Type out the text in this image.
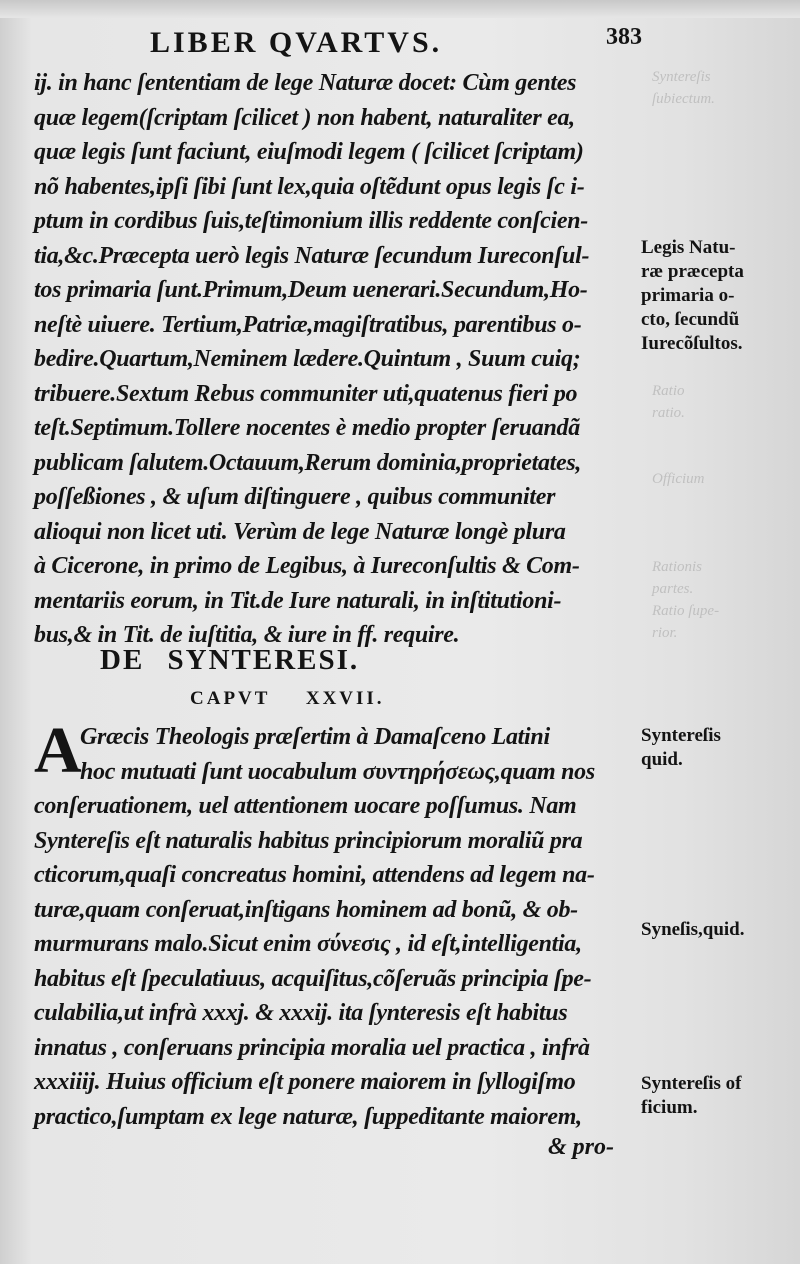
Syntereſis
ſubiectum.
Ratio
ratio.
Officium
Rationis
partes.
Ratio ſupe-
rior.
LIBER QVARTVS.	383
ij. in hanc ſententiam de lege Naturæ docet: Cùm gentes
quæ legem(ſcriptam ſcilicet ) non habent, naturaliter ea,
quæ legis ſunt faciunt, eiuſmodi legem ( ſcilicet ſcriptam)
nõ habentes,ipſi ſibi ſunt lex,quia oſtẽdunt opus legis ſc i-
ptum in cordibus ſuis,teſtimonium illis reddente conſcien-
tia,&c.Præcepta uerò legis Naturæ ſecundum Iureconſul-
tos primaria ſunt.Primum,Deum uenerari.Secundum,Ho-
neſtè uiuere. Tertium,Patriæ,magiſtratibus, parentibus o-
bedire.Quartum,Neminem lædere.Quintum , Suum cuiq;
tribuere.Sextum Rebus communiter uti,quatenus fieri po
teſt.Septimum.Tollere nocentes è medio propter ſeruandã
publicam ſalutem.Octauum,Rerum dominia,proprietates,
poſſeßiones , & uſum diſtinguere , quibus communiter
alioqui non licet uti. Verùm de lege Naturæ longè plura
à Cicerone, in primo de Legibus, à Iureconſultis & Com-
mentariis eorum, in Tit.de Iure naturali, in inſtitutioni-
bus,& in Tit. de iuſtitia, & iure in ff. require.
DE SYNTERESI.
CAPVT XXVII.
A
Græcis Theologis præſertim à Damaſceno Latini
hoc mutuati ſunt uocabulum συντηρήσεως,quam nos
conſeruationem, uel attentionem uocare poſſumus. Nam
Syntereſis eſt naturalis habitus principiorum moraliũ pra
cticorum,quaſi concreatus homini, attendens ad legem na-
turæ,quam conſeruat,inſtigans hominem ad bonũ, & ob-
murmurans malo.Sicut enim σύνεσις , id eſt,intelligentia,
habitus eſt ſpeculatiuus, acquiſitus,cõſeruãs principia ſpe-
culabilia,ut infrà xxxj. & xxxij. ita ſynteresis eſt habitus
innatus , conſeruans principia moralia uel practica , infrà
xxxiiij. Huius officium eſt ponere maiorem in ſyllogiſmo
practico,ſumptam ex lege naturæ, ſuppeditante maiorem,
& pro-
Legis Natu-
ræ præcepta
primaria o-
cto, ſecundũ
Iurecõſultos.
Syntereſis
quid.
Syneſis,quid.
Syntereſis of
ficium.
